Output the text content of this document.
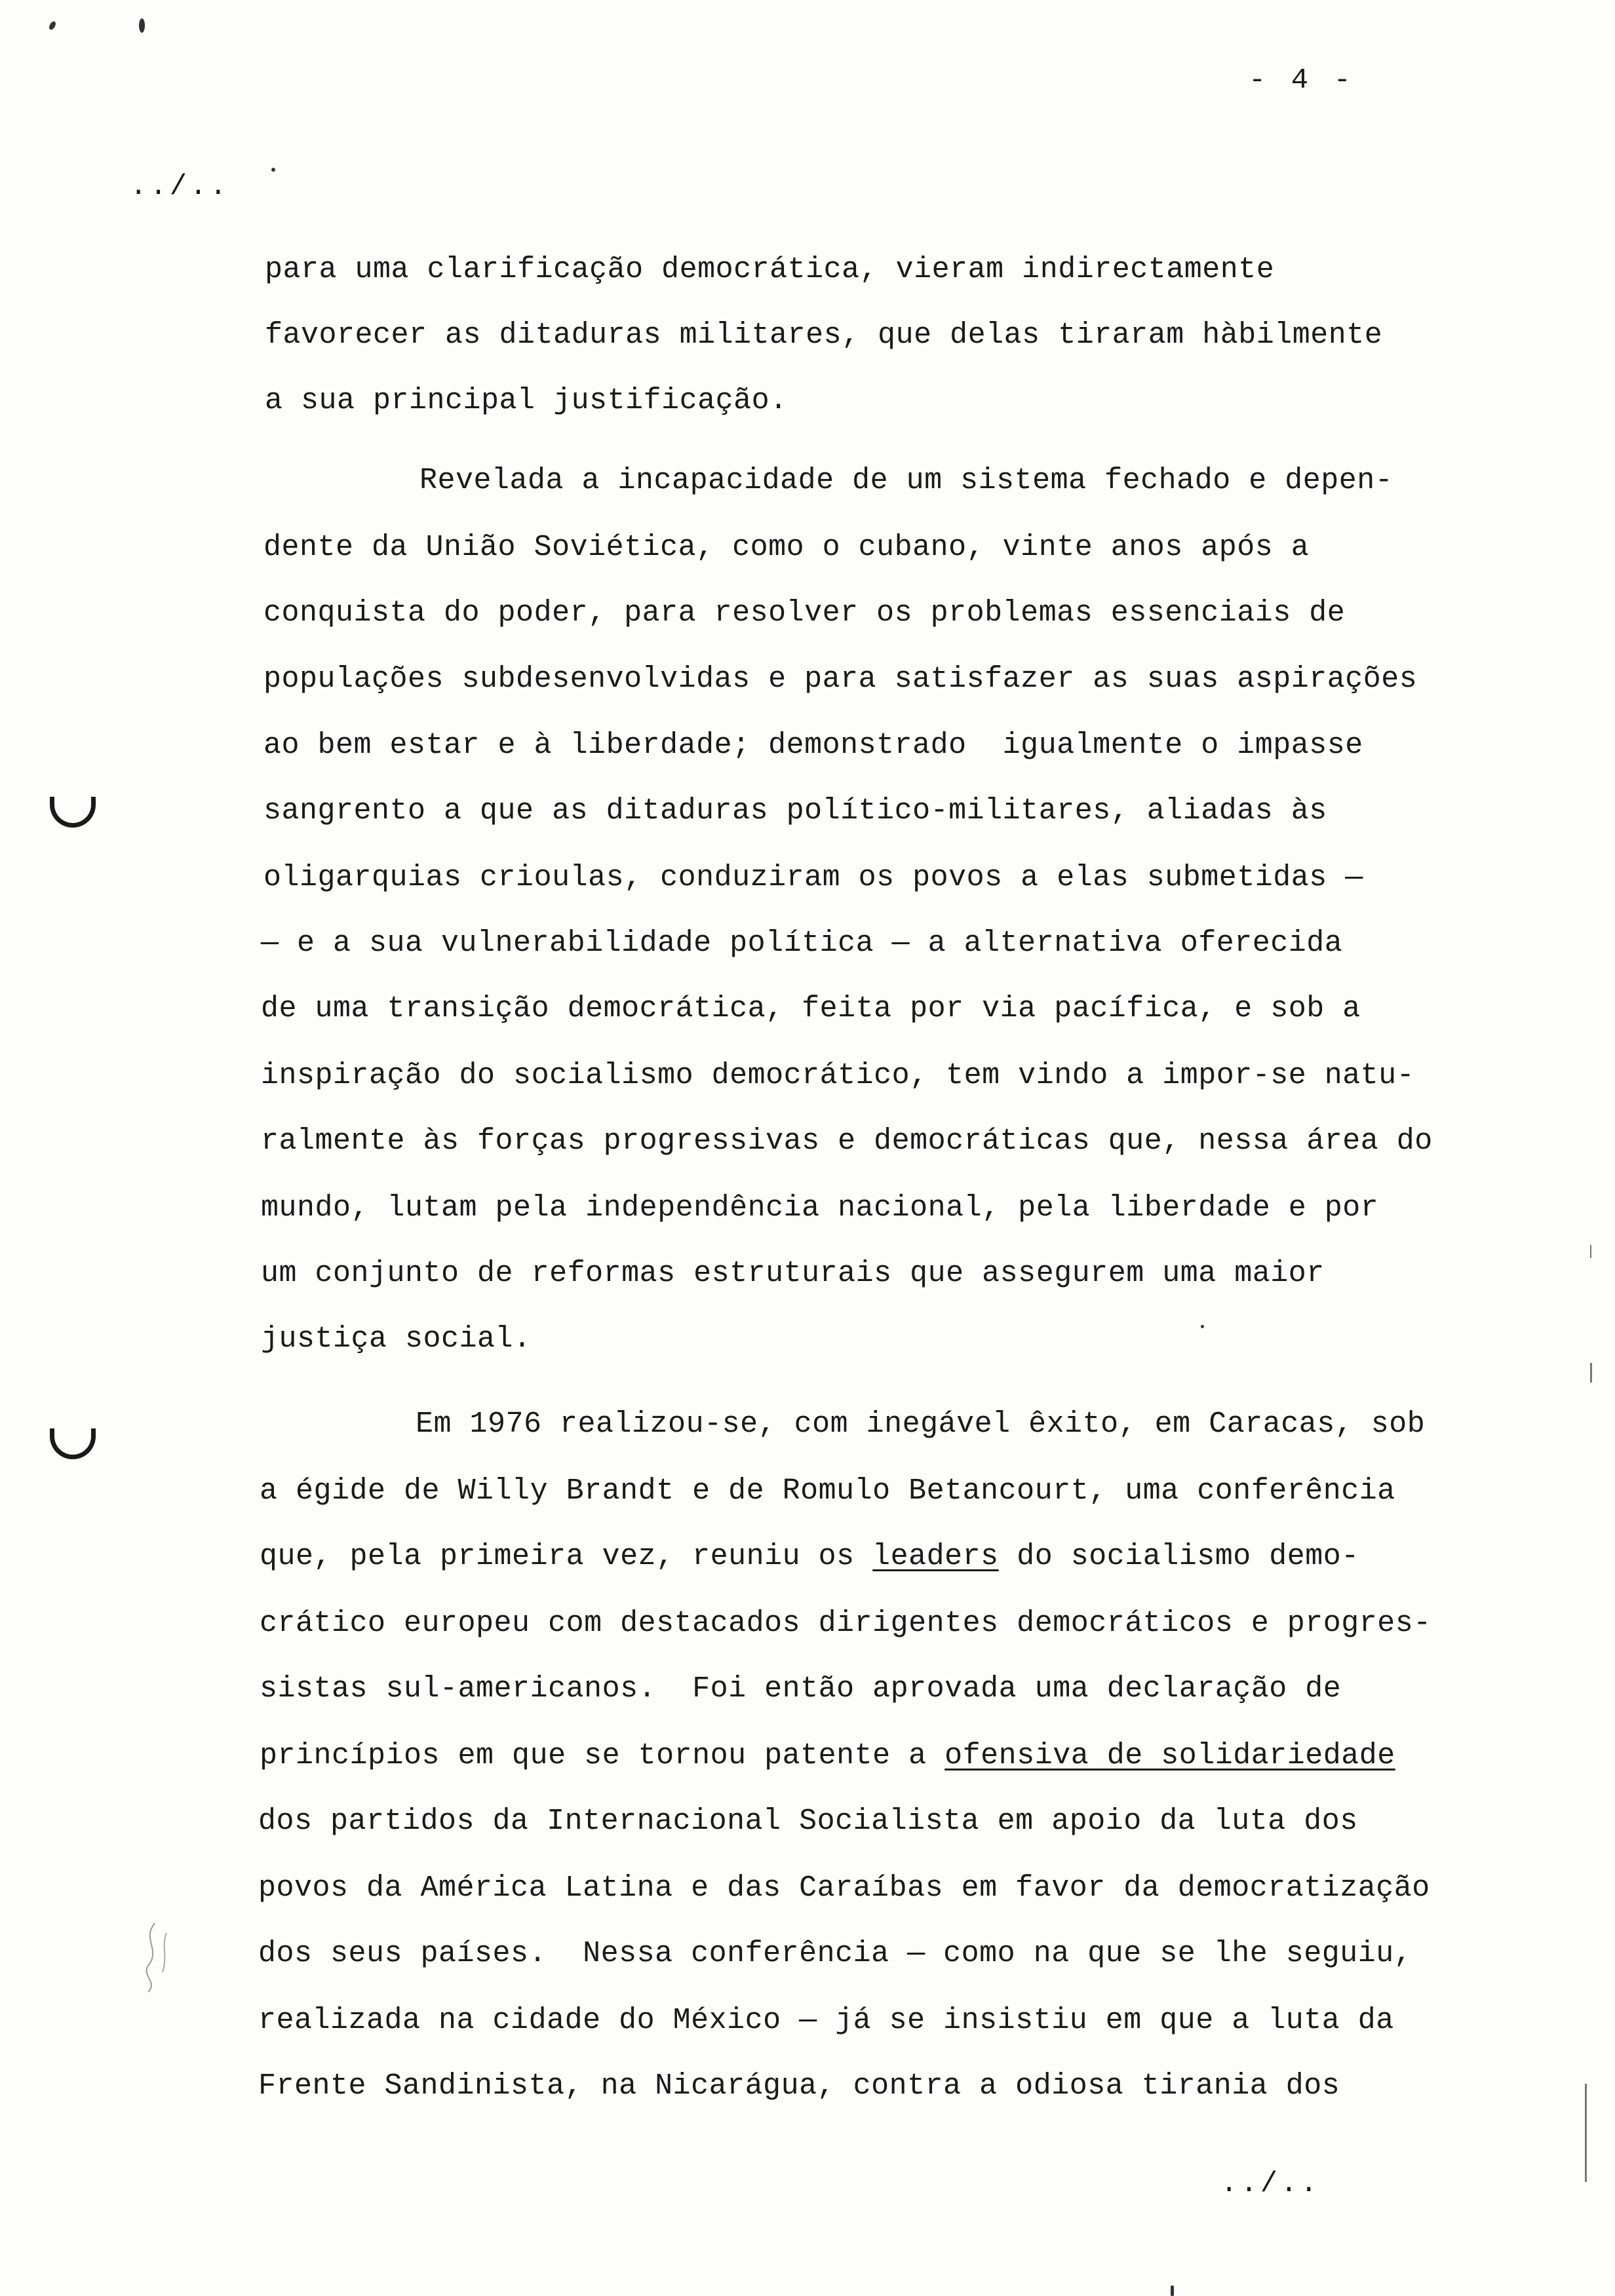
- 4 -
../..
para uma clarificação democrática, vieram indirectamente
favorecer as ditaduras militares, que delas tiraram hàbilmente
a sua principal justificação.
Revelada a incapacidade de um sistema fechado e depen-
dente da União Soviética, como o cubano, vinte anos após a
conquista do poder, para resolver os problemas essenciais de
populações subdesenvolvidas e para satisfazer as suas aspirações
ao bem estar e à liberdade; demonstrado  igualmente o impasse
sangrento a que as ditaduras político-militares, aliadas às
oligarquias crioulas, conduziram os povos a elas submetidas —
— e a sua vulnerabilidade política — a alternativa oferecida
de uma transição democrática, feita por via pacífica, e sob a
inspiração do socialismo democrático, tem vindo a impor-se natu-
ralmente às forças progressivas e democráticas que, nessa área do
mundo, lutam pela independência nacional, pela liberdade e por
um conjunto de reformas estruturais que assegurem uma maior
justiça social.
Em 1976 realizou-se, com inegável êxito, em Caracas, sob
a égide de Willy Brandt e de Romulo Betancourt, uma conferência
que, pela primeira vez, reuniu os leaders do socialismo demo-
crático europeu com destacados dirigentes democráticos e progres-
sistas sul-americanos.  Foi então aprovada uma declaração de
princípios em que se tornou patente a ofensiva de solidariedade
dos partidos da Internacional Socialista em apoio da luta dos
povos da América Latina e das Caraíbas em favor da democratização
dos seus países.  Nessa conferência — como na que se lhe seguiu,
realizada na cidade do México — já se insistiu em que a luta da
Frente Sandinista, na Nicarágua, contra a odiosa tirania dos
../..
